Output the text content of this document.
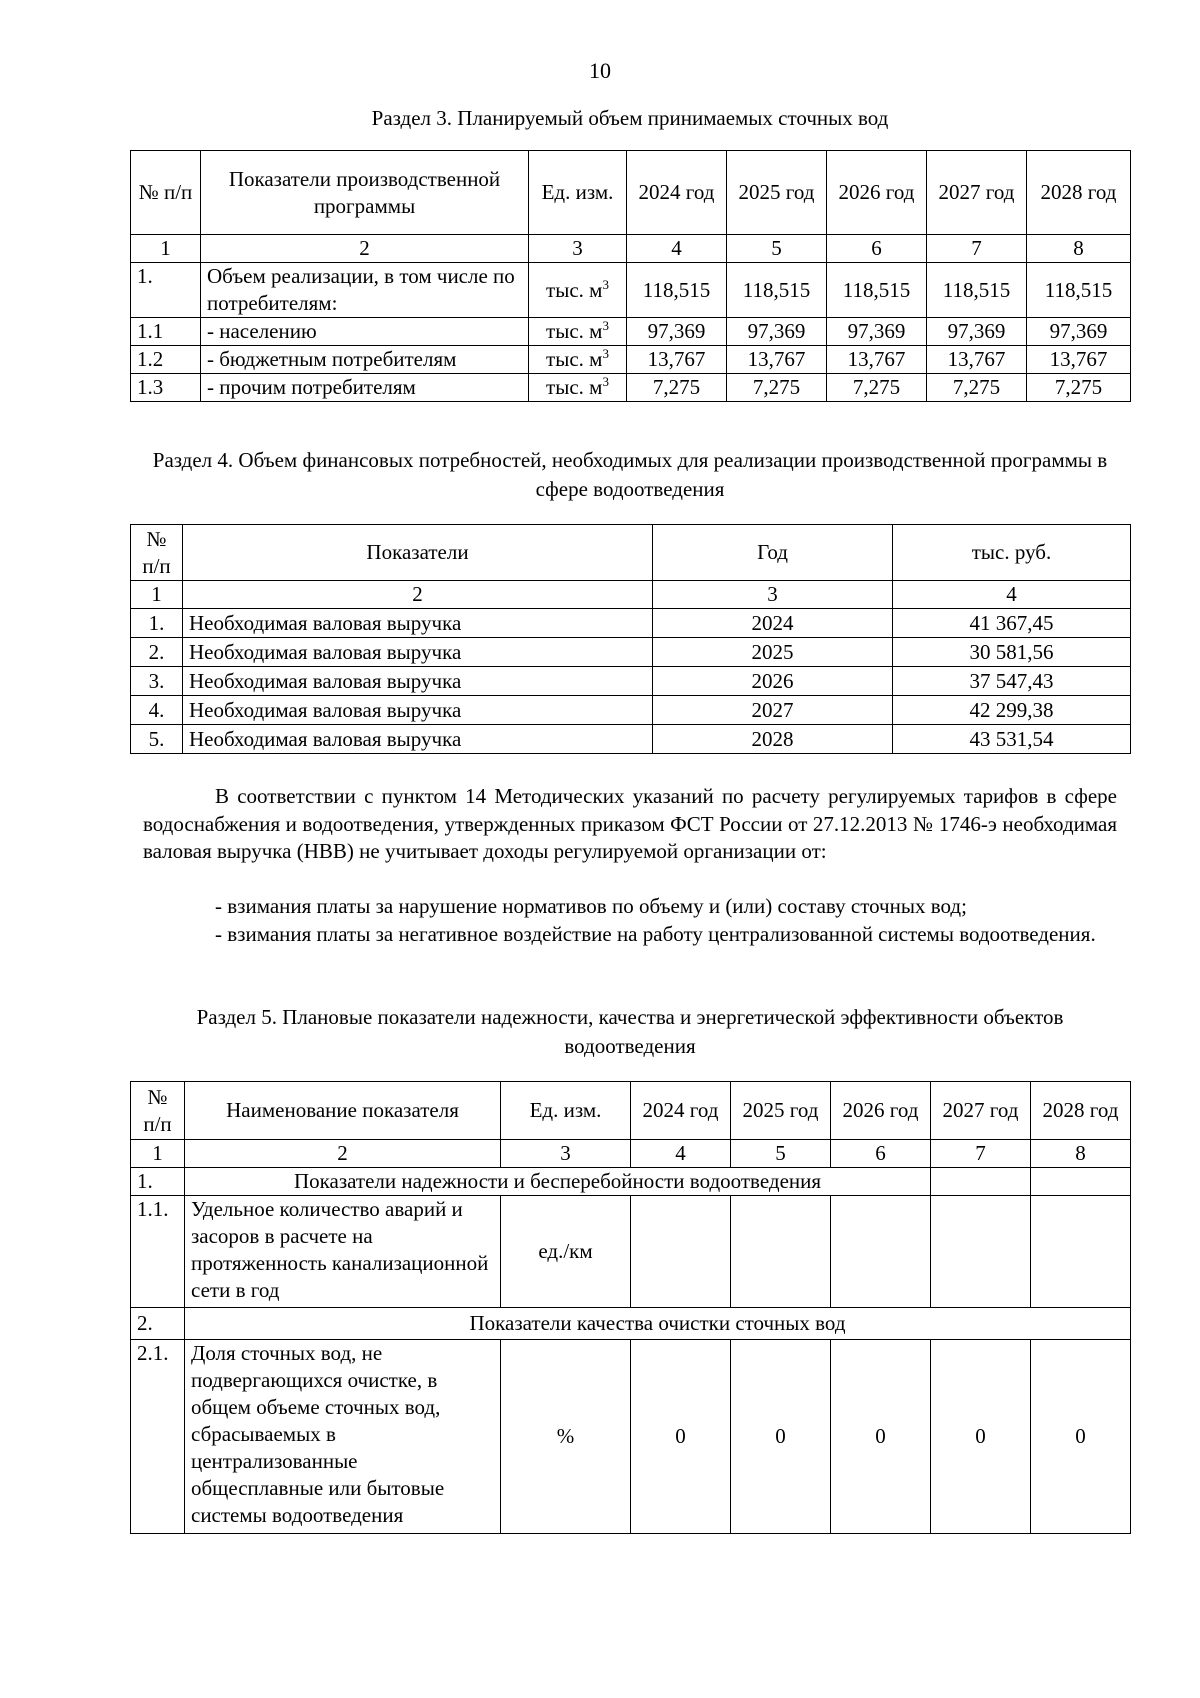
10
Раздел 3. Планируемый объем принимаемых сточных вод
№ п/п	Показатели производственной программы	Ед. изм.	2024 год	2025 год	2026 год	2027 год	2028 год
1	2	3	4	5	6	7	8
1.	Объем реализации, в том числе по потребителям:	тыс. $м^3$	118,515	118,515	118,515	118,515	118,515
1.1	- населению	тыс. $м^3$	97,369	97,369	97,369	97,369	97,369
1.2	- бюджетным потребителям	тыс. $м^3$	13,767	13,767	13,767	13,767	13,767
1.3	- прочим потребителям	тыс. $м^3$	7,275	7,275	7,275	7,275	7,275
Раздел 4. Объем финансовых потребностей, необходимых для реализации производственной программы в сфере водоотведения
№ п/п	Показатели	Год	тыс. руб.
1	2	3	4
1.	Необходимая валовая выручка	2024	41 367,45
2.	Необходимая валовая выручка	2025	30 581,56
3.	Необходимая валовая выручка	2026	37 547,43
4.	Необходимая валовая выручка	2027	42 299,38
5.	Необходимая валовая выручка	2028	43 531,54

В соответствии с пунктом 14 Методических указаний по расчету регулируемых тарифов в сфере водоснабжения и водоотведения, утвержденных приказом ФСТ России от 27.12.2013 № 1746-э необходимая валовая выручка (НВВ) не учитывает доходы регулируемой организации от:

- взимания платы за нарушение нормативов по объему и (или) составу сточных вод;

- взимания платы за негативное воздействие на работу централизованной системы водоотведения.

Раздел 5. Плановые показатели надежности, качества и энергетической эффективности объектов водоотведения
№ п/п	Наименование показателя	Ед. изм.	2024 год	2025 год	2026 год	2027 год	2028 год
1	2	3	4	5	6	7	8
1.	Показатели надежности и бесперебойности водоотведения						
1.1.	Удельное количество аварий и засоров в расчете на протяженность канализационной сети в год	ед./км					
2.	Показатели качества очистки сточных вод						
2.1.	Доля сточных вод, не подвергающихся очистке, в общем объеме сточных вод, сбрасываемых в централизованные общесплавные или бытовые системы водоотведения	%	0	0	0	0	0
